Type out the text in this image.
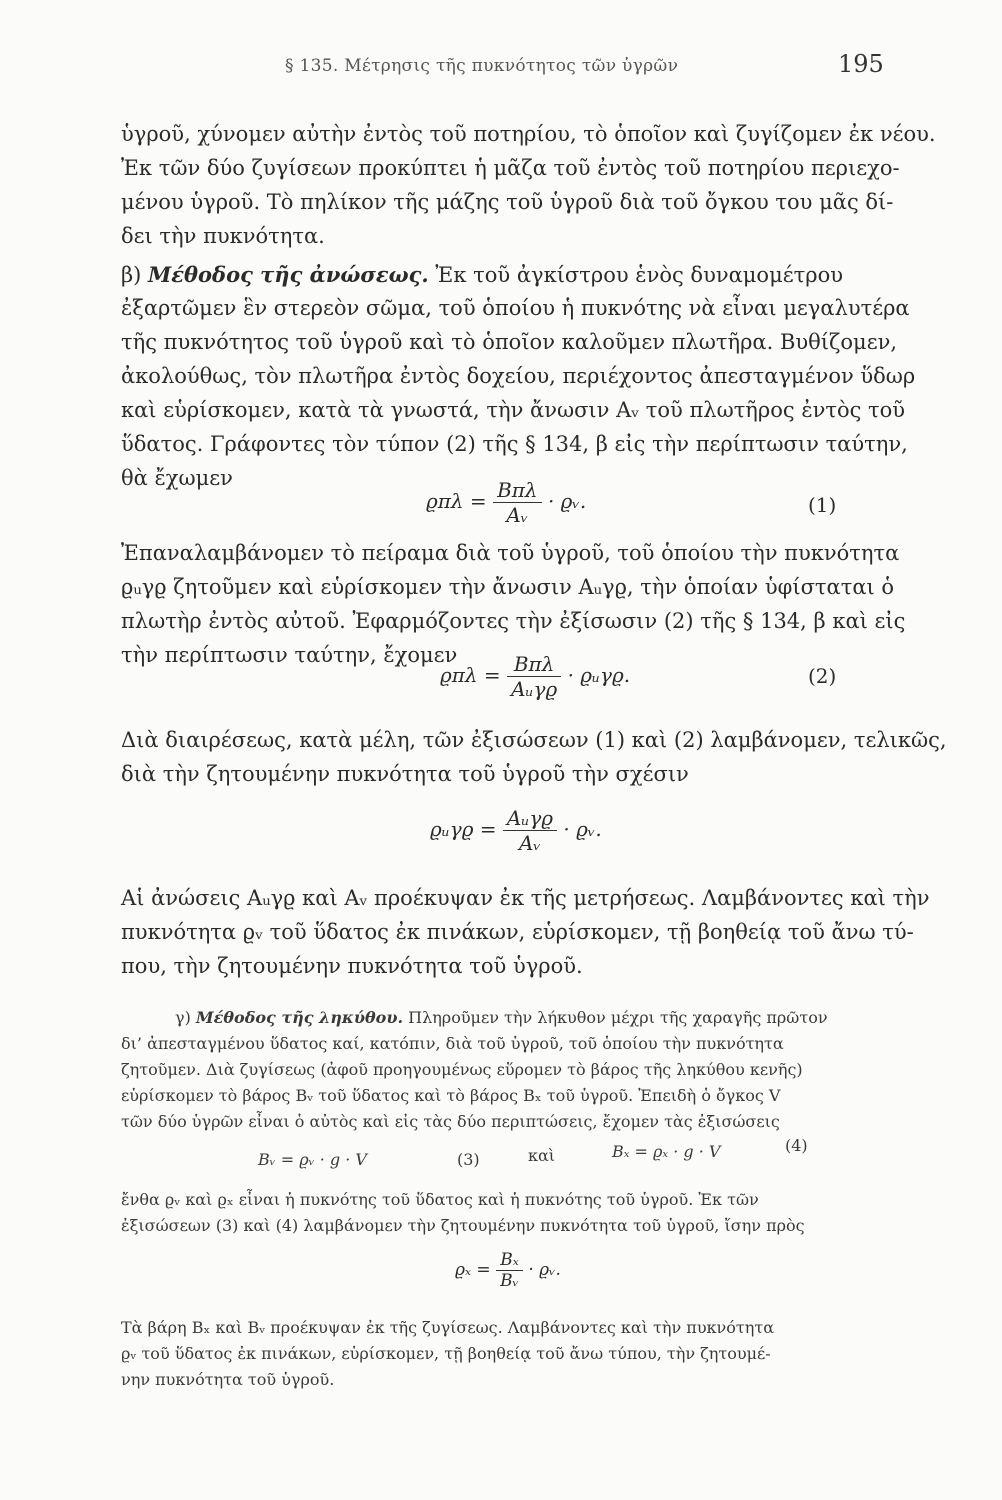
§ 135. Μέτρησις τῆς πυκνότητος τῶν ὑγρῶν	195
ὑγροῦ, χύνομεν αὐτὴν ἐντὸς τοῦ ποτηρίου, τὸ ὁποῖον καὶ ζυγίζομεν ἐκ νέου.
Ἐκ τῶν δύο ζυγίσεων προκύπτει ἡ μᾶζα τοῦ ἐντὸς τοῦ ποτηρίου περιεχο-
μένου ὑγροῦ. Τὸ πηλίκον τῆς μάζης τοῦ ὑγροῦ διὰ τοῦ ὄγκου του μᾶς δί-
δει τὴν πυκνότητα.
β) Μέθοδος τῆς ἀνώσεως. Ἐκ τοῦ ἀγκίστρου ἑνὸς δυναμομέτρου
ἐξαρτῶμεν ἓν στερεὸν σῶμα, τοῦ ὁποίου ἡ πυκνότης νὰ εἶναι μεγαλυτέρα
τῆς πυκνότητος τοῦ ὑγροῦ καὶ τὸ ὁποῖον καλοῦμεν πλωτῆρα. Βυθίζομεν,
ἀκολούθως, τὸν πλωτῆρα ἐντὸς δοχείου, περιέχοντος ἀπεσταγμένον ὕδωρ
καὶ εὑρίσκομεν, κατὰ τὰ γνωστά, τὴν ἄνωσιν Aᵥ τοῦ πλωτῆρος ἐντὸς τοῦ
ὕδατος. Γράφοντες τὸν τύπον (2) τῆς § 134, β εἰς τὴν περίπτωσιν ταύτην,
θὰ ἔχωμεν
$ϱ\pi\lambda = \frac{\text{Bπλ}}{\text{Aᵥ}}$ · ϱᵥ.	(1)
Ἐπαναλαμβάνομεν τὸ πείραμα διὰ τοῦ ὑγροῦ, τοῦ ὁποίου τὴν πυκνότητα
ϱᵤγϱ ζητοῦμεν καὶ εὑρίσκομεν τὴν ἄνωσιν Aᵤγϱ, τὴν ὁποίαν ὑφίσταται ὁ
πλωτὴρ ἐντὸς αὐτοῦ. Ἐφαρμόζοντες τὴν ἐξίσωσιν (2) τῆς § 134, β καὶ εἰς
τὴν περίπτωσιν ταύτην, ἔχομεν
$ϱ\pi\lambda = \frac{\text{Bπλ}}{\text{Aᵤγϱ}}$ · ϱᵤγϱ.	(2)
Διὰ διαιρέσεως, κατὰ μέλη, τῶν ἐξισώσεων (1) καὶ (2) λαμβάνομεν, τελικῶς,
διὰ τὴν ζητουμένην πυκνότητα τοῦ ὑγροῦ τὴν σχέσιν
ϱᵤγϱ = $\frac{\text{Aᵤγϱ}}{\text{Aᵥ}}$ · ϱᵥ.
Αἱ ἀνώσεις Aᵤγϱ καὶ Aᵥ προέκυψαν ἐκ τῆς μετρήσεως. Λαμβάνοντες καὶ τὴν
πυκνότητα ϱᵥ τοῦ ὕδατος ἐκ πινάκων, εὑρίσκομεν, τῇ βοηθείᾳ τοῦ ἄνω τύ-
που, τὴν ζητουμένην πυκνότητα τοῦ ὑγροῦ.
γ) Μέθοδος τῆς ληκύθου. Πληροῦμεν τὴν λήκυθον μέχρι τῆς χαραγῆς πρῶτον
δι’ ἀπεσταγμένου ὕδατος καί, κατόπιν, διὰ τοῦ ὑγροῦ, τοῦ ὁποίου τὴν πυκνότητα
ζητοῦμεν. Διὰ ζυγίσεως (ἀφοῦ προηγουμένως εὕρομεν τὸ βάρος τῆς ληκύθου κενῆς)
εὑρίσκομεν τὸ βάρος Bᵥ τοῦ ὕδατος καὶ τὸ βάρος Bₓ τοῦ ὑγροῦ. Ἐπειδὴ ὁ ὄγκος V
τῶν δύο ὑγρῶν εἶναι ὁ αὐτὸς καὶ εἰς τὰς δύο περιπτώσεις, ἔχομεν τὰς ἐξισώσεις
Bᵥ = ϱᵥ · g · V	(3)	καὶ	Bₓ = ϱₓ · g · V	(4)
ἔνθα ϱᵥ καὶ ϱₓ εἶναι ἡ πυκνότης τοῦ ὕδατος καὶ ἡ πυκνότης τοῦ ὑγροῦ. Ἐκ τῶν
ἐξισώσεων (3) καὶ (4) λαμβάνομεν τὴν ζητουμένην πυκνότητα τοῦ ὑγροῦ, ἴσην πρὸς
$ϱ_x = \frac{\text{Bₓ}}{\text{Bᵥ}}$ · ϱᵥ.
Τὰ βάρη Bₓ καὶ Bᵥ προέκυψαν ἐκ τῆς ζυγίσεως. Λαμβάνοντες καὶ τὴν πυκνότητα
ϱᵥ τοῦ ὕδατος ἐκ πινάκων, εὑρίσκομεν, τῇ βοηθείᾳ τοῦ ἄνω τύπου, τὴν ζητουμέ-
νην πυκνότητα τοῦ ὑγροῦ.
